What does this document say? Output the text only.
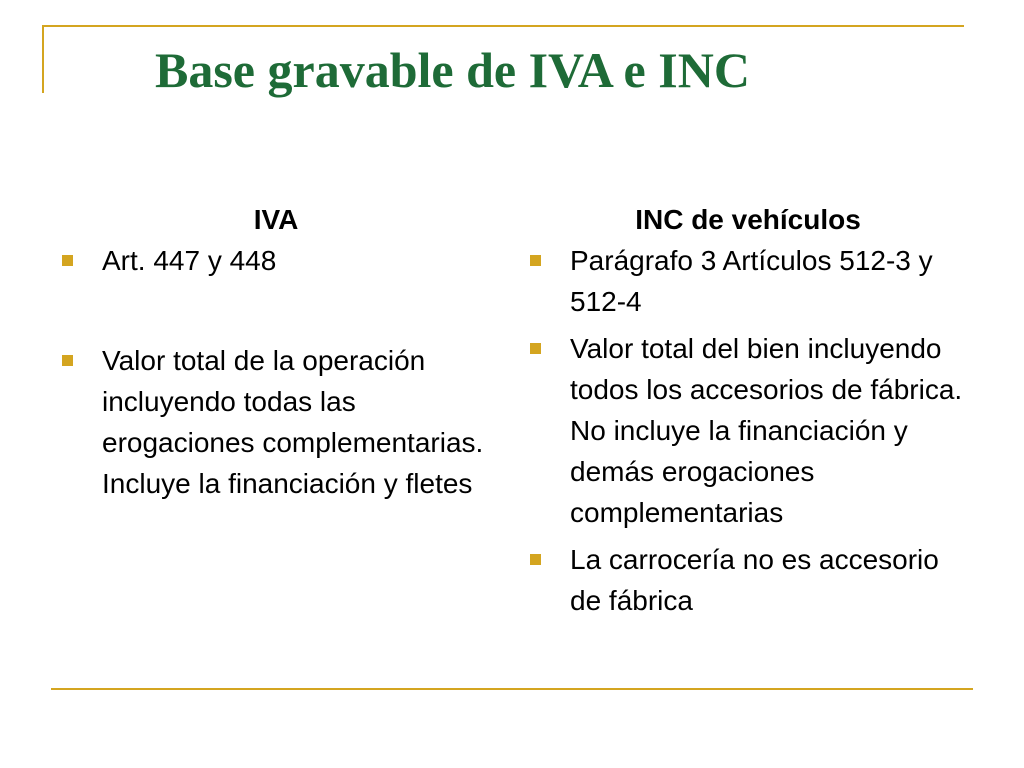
Base gravable de IVA e INC
IVA
Art. 447 y 448
Valor total de la operación incluyendo todas las erogaciones complementarias. Incluye la financiación y fletes
INC de vehículos
Parágrafo 3 Artículos 512-3 y 512-4
Valor total del bien incluyendo todos los accesorios de fábrica. No incluye la financiación y demás erogaciones complementarias
La carrocería no es accesorio de fábrica
